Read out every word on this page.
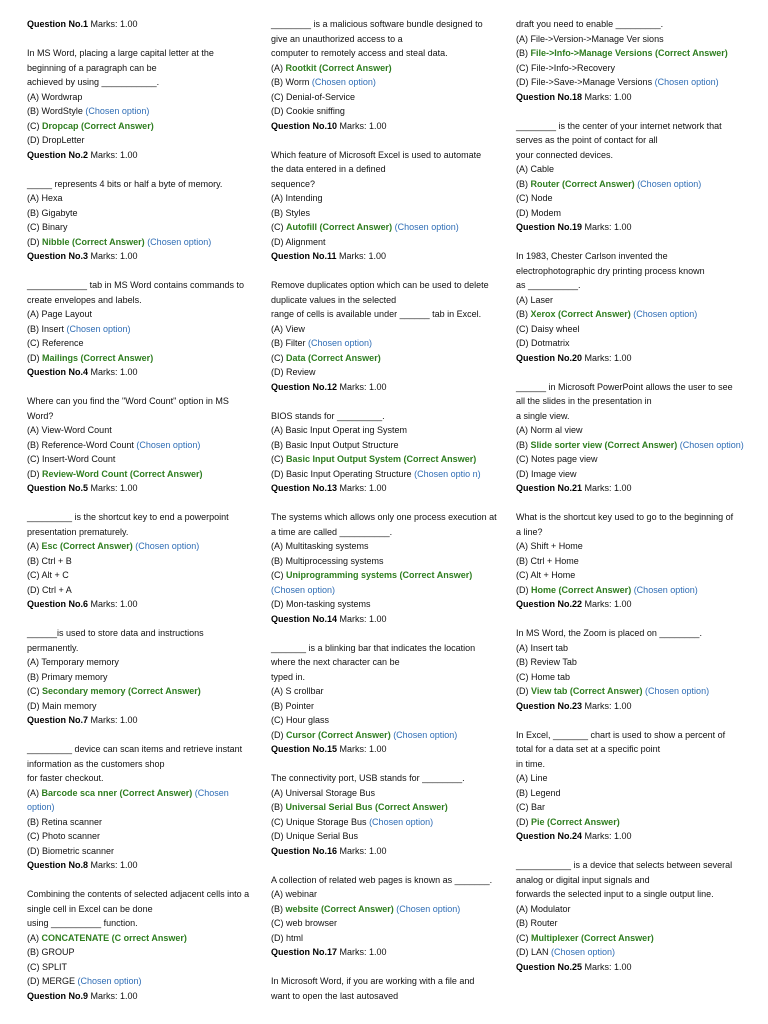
Question No.1 Marks: 1.00
In MS Word, placing a large capital letter at the
beginning of a paragraph can be
achieved by using ___________.
(A) Wordwrap
(B) WordStyle (Chosen option)
(C) Dropcap (Correct Answer)
(D) DropLetter
Question No.2 Marks: 1.00
_____ represents 4 bits or half a byte of memory.
(A) Hexa
(B) Gigabyte
(C) Binary
(D) Nibble (Correct Answer) (Chosen option)
Question No.3 Marks: 1.00
____________ tab in MS Word contains commands to
create envelopes and labels.
(A) Page Layout
(B) Insert (Chosen option)
(C) Reference
(D) Mailings (Correct Answer)
Question No.4 Marks: 1.00
Where can you find the "Word Count" option in MS
Word?
(A) View-Word Count
(B) Reference-Word Count (Chosen option)
(C) Insert-Word Count
(D) Review-Word Count (Correct Answer)
Question No.5 Marks: 1.00
_________ is the shortcut key to end a powerpoint
presentation prematurely.
(A) Esc (Correct Answer) (Chosen option)
(B) Ctrl + B
(C) Alt + C
(D) Ctrl + A
Question No.6 Marks: 1.00
______is used to store data and instructions
permanently.
(A) Temporary memory
(B) Primary memory
(C) Secondary memory (Correct Answer)
(D) Main memory
Question No.7 Marks: 1.00
_________ device can scan items and retrieve instant
information as the customers shop
for faster checkout.
(A) Barcode sca nner (Correct Answer) (Chosen option)
(B) Retina scanner
(C) Photo scanner
(D) Biometric scanner
Question No.8 Marks: 1.00
Combining the contents of selected adjacent cells into a
single cell in Excel can be done
using __________ function.
(A) CONCATENATE (C orrect Answer)
(B) GROUP
(C) SPLIT
(D) MERGE (Chosen option)
Question No.9 Marks: 1.00
________ is a malicious software bundle designed to
give an unauthorized access to a
computer to remotely access and steal data.
(A) Rootkit (Correct Answer)
(B) Worm (Chosen option)
(C) Denial-of-Service
(D) Cookie sniffing
Question No.10 Marks: 1.00
Which feature of Microsoft Excel is used to automate
the data entered in a defined
sequence?
(A) Intending
(B) Styles
(C) Autofill (Correct Answer) (Chosen option)
(D) Alignment
Question No.11 Marks: 1.00
Remove duplicates option which can be used to delete
duplicate values in the selected
range of cells is available under ______ tab in Excel.
(A) View
(B) Filter (Chosen option)
(C) Data (Correct Answer)
(D) Review
Question No.12 Marks: 1.00
BIOS stands for _________.
(A) Basic Input Operat ing System
(B) Basic Input Output Structure
(C) Basic Input Output System (Correct Answer)
(D) Basic Input Operating Structure (Chosen optio n)
Question No.13 Marks: 1.00
The systems which allows only one process execution at
a time are called __________.
(A) Multitasking systems
(B) Multiprocessing systems
(C) Uniprogramming systems (Correct Answer) (Chosen option)
(D) Mon-tasking systems
Question No.14 Marks: 1.00
_______ is a blinking bar that indicates the location
where the next character can be
typed in.
(A) S crollbar
(B) Pointer
(C) Hour glass
(D) Cursor (Correct Answer) (Chosen option)
Question No.15 Marks: 1.00
The connectivity port, USB stands for ________.
(A) Universal Storage Bus
(B) Universal Serial Bus (Correct Answer)
(C) Unique Storage Bus (Chosen option)
(D) Unique Serial Bus
Question No.16 Marks: 1.00
A collection of related web pages is known as _______.
(A) webinar
(B) website (Correct Answer) (Chosen option)
(C) web browser
(D) html
Question No.17 Marks: 1.00
In Microsoft Word, if you are working with a file and
want to open the last autosaved
draft you need to enable _________.
(A) File->Version->Manage Ver sions
(B) File->Info->Manage Versions (Correct Answer)
(C) File->Info->Recovery
(D) File->Save->Manage Versions (Chosen option)
Question No.18 Marks: 1.00
________ is the center of your internet network that
serves as the point of contact for all
your connected devices.
(A) Cable
(B) Router (Correct Answer) (Chosen option)
(C) Node
(D) Modem
Question No.19 Marks: 1.00
In 1983, Chester Carlson invented the
electrophotographic dry printing process known
as __________.
(A) Laser
(B) Xerox (Correct Answer) (Chosen option)
(C) Daisy wheel
(D) Dotmatrix
Question No.20 Marks: 1.00
______ in Microsoft PowerPoint allows the user to see
all the slides in the presentation in
a single view.
(A) Norm al view
(B) Slide sorter view (Correct Answer) (Chosen option)
(C) Notes page view
(D) Image view
Question No.21 Marks: 1.00
What is the shortcut key used to go to the beginning of
a line?
(A) Shift + Home
(B) Ctrl + Home
(C) Alt + Home
(D) Home (Correct Answer) (Chosen option)
Question No.22 Marks: 1.00
In MS Word, the Zoom is placed on ________.
(A) Insert tab
(B) Review Tab
(C) Home tab
(D) View tab (Correct Answer) (Chosen option)
Question No.23 Marks: 1.00
In Excel, _______ chart is used to show a percent of
total for a data set at a specific point
in time.
(A) Line
(B) Legend
(C) Bar
(D) Pie (Correct Answer)
Question No.24 Marks: 1.00
___________ is a device that selects between several
analog or digital input signals and
forwards the selected input to a single output line.
(A) Modulator
(B) Router
(C) Multiplexer (Correct Answer)
(D) LAN (Chosen option)
Question No.25 Marks: 1.00
